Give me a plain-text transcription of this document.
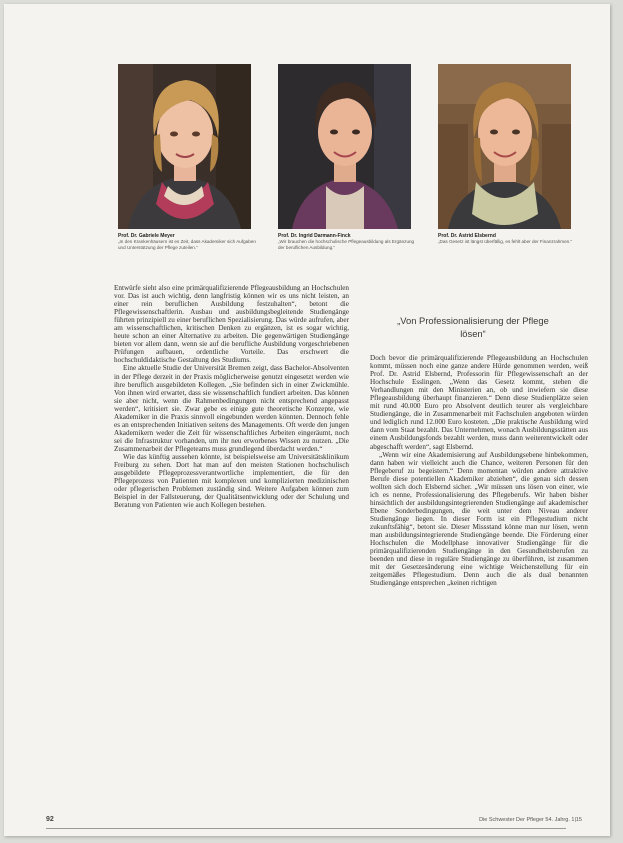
Prof. Dr. Gabriele Meyer
„In den Krankenhäusern ist es Zeit, dass Akademiker sich Aufgaben und Unterstützung der Pflege zuteilen.“
Prof. Dr. Ingrid Darmann-Finck
„Wir brauchen die hochschulische Pflegeausbildung als Ergänzung der beruflichen Ausbildung.“
Prof. Dr. Astrid Elsbernd
„Das Gesetz ist längst überfällig, es fehlt aber der Finanzrahmen.“

Entwürfe sieht also eine primärqualifizierende Pflegeausbildung an Hochschulen vor. Das ist auch wichtig, denn langfristig können wir es uns nicht leisten, an einer rein beruflichen Ausbildung festzuhalten“, betont die Pflegewissenschaftlerin. Ausbau und ausbildungsbegleitende Studiengänge führten prinzipiell zu einer beruflichen Spezialisierung. Das würde aufrufen, aber am wissenschaftlichen, kritischen Denken zu ergänzen, ist es sogar wichtig, heute schon an einer Alternative zu arbeiten. Die gegenwärtigen Studiengänge bieten vor allem dann, wenn sie auf die berufliche Ausbildung vorgeschriebenen Prüfungen aufbauen, ordentliche Vorteile. Das erschwert die hochschuldidaktische Gestaltung des Studiums.

Eine aktuelle Studie der Universität Bremen zeigt, dass Bachelor-Absolventen in der Pflege derzeit in der Praxis möglicherweise genutzt eingesetzt werden wie ihre beruflich ausgebildeten Kollegen. „Sie befinden sich in einer Zwickmühle. Von ihnen wird erwartet, dass sie wissenschaftlich fundiert arbeiten. Das können sie aber nicht, wenn die Rahmenbedingungen nicht entsprechend angepasst werden“, kritisiert sie. Zwar gebe es einige gute theoretische Konzepte, wie Akademiker in die Praxis sinnvoll eingebunden werden könnten. Dennoch fehle es an entsprechenden Initiativen seitens des Managements. Oft werde den jungen Akademikern weder die Zeit für wissenschaftliches Arbeiten eingeräumt, noch sei die Infrastruktur vorhanden, um ihr neu erworbenes Wissen zu nutzen. „Die Zusammenarbeit der Pflegeteams muss grundlegend überdacht werden.“

Wie das künftig aussehen könnte, ist beispielsweise am Universitätsklinikum Freiburg zu sehen. Dort hat man auf den meisten Stationen hochschulisch ausgebildete Pflegeprozessverantwortliche implementiert, die für den Pflegeprozess von Patienten mit komplexen und komplizierten medizinischen oder pflegerischen Problemen zuständig sind. Weitere Aufgaben können zum Beispiel in der Fallsteuerung, der Qualitätsentwicklung oder der Schulung und Beratung von Patienten wie auch Kollegen bestehen.

„Von Professionalisierung der Pflege lösen“

Doch bevor die primärqualifizierende Pflegeausbildung an Hochschulen kommt, müssen noch eine ganze andere Hürde genommen werden, weiß Prof. Dr. Astrid Elsbernd, Professorin für Pflegewissenschaft an der Hochschule Esslingen. „Wenn das Gesetz kommt, stehen die Verhandlungen mit den Ministerien an, ob und inwiefern sie diese Pflegeausbildung überhaupt finanzieren.“ Denn diese Studienplätze seien mit rund 40.000 Euro pro Absolvent deutlich teurer als vergleichbare Studiengänge, die in Zusammenarbeit mit Fachschulen angeboten würden und lediglich rund 12.000 Euro kosteten. „Die praktische Ausbildung wird dann vom Staat bezahlt. Das Unternehmen, wonach Ausbildungsstätten aus einem Ausbildungsfonds bezahlt werden, muss dann weiterentwickelt oder abgeschafft werden“, sagt Elsbernd.

„Wenn wir eine Akademisierung auf Ausbildungsebene hinbekommen, dann haben wir vielleicht auch die Chance, weiteren Personen für den Pflegeberuf zu begeistern.“ Denn momentan würden andere attraktive Berufe diese potentiellen Akademiker abziehen“, die genau sich dessen wollten sich doch Elsbernd sicher. „Wir müssen uns lösen von einer, wie ich es nenne, Professionalisierung des Pflegeberufs. Wir haben bisher hinsichtlich der ausbildungsintegrierenden Studiengänge auf akademischer Ebene Sonderbedingungen, die weit unter dem Niveau anderer Studiengänge liegen. In dieser Form ist ein Pflegestudium nicht zukunftsfähig“, betont sie. Dieser Missstand könne man nur lösen, wenn man ausbildungsintegrierende Studiengänge beende. Die Förderung einer Hochschulen die Modellphase innovativer Studiengänge für die primärqualifizierenden Studiengänge in den Gesundheitsberufen zu beenden und diese in reguläre Studiengänge zu überführen, ist zusammen mit der Gesetzesänderung eine wichtige Weichenstellung für ein zeitgemäßes Pflegestudium. Denn auch die als dual benannten Studiengänge entsprechen „keinen richtigen

92	Die Schwester Der Pfleger 54. Jahrg. 1|15
